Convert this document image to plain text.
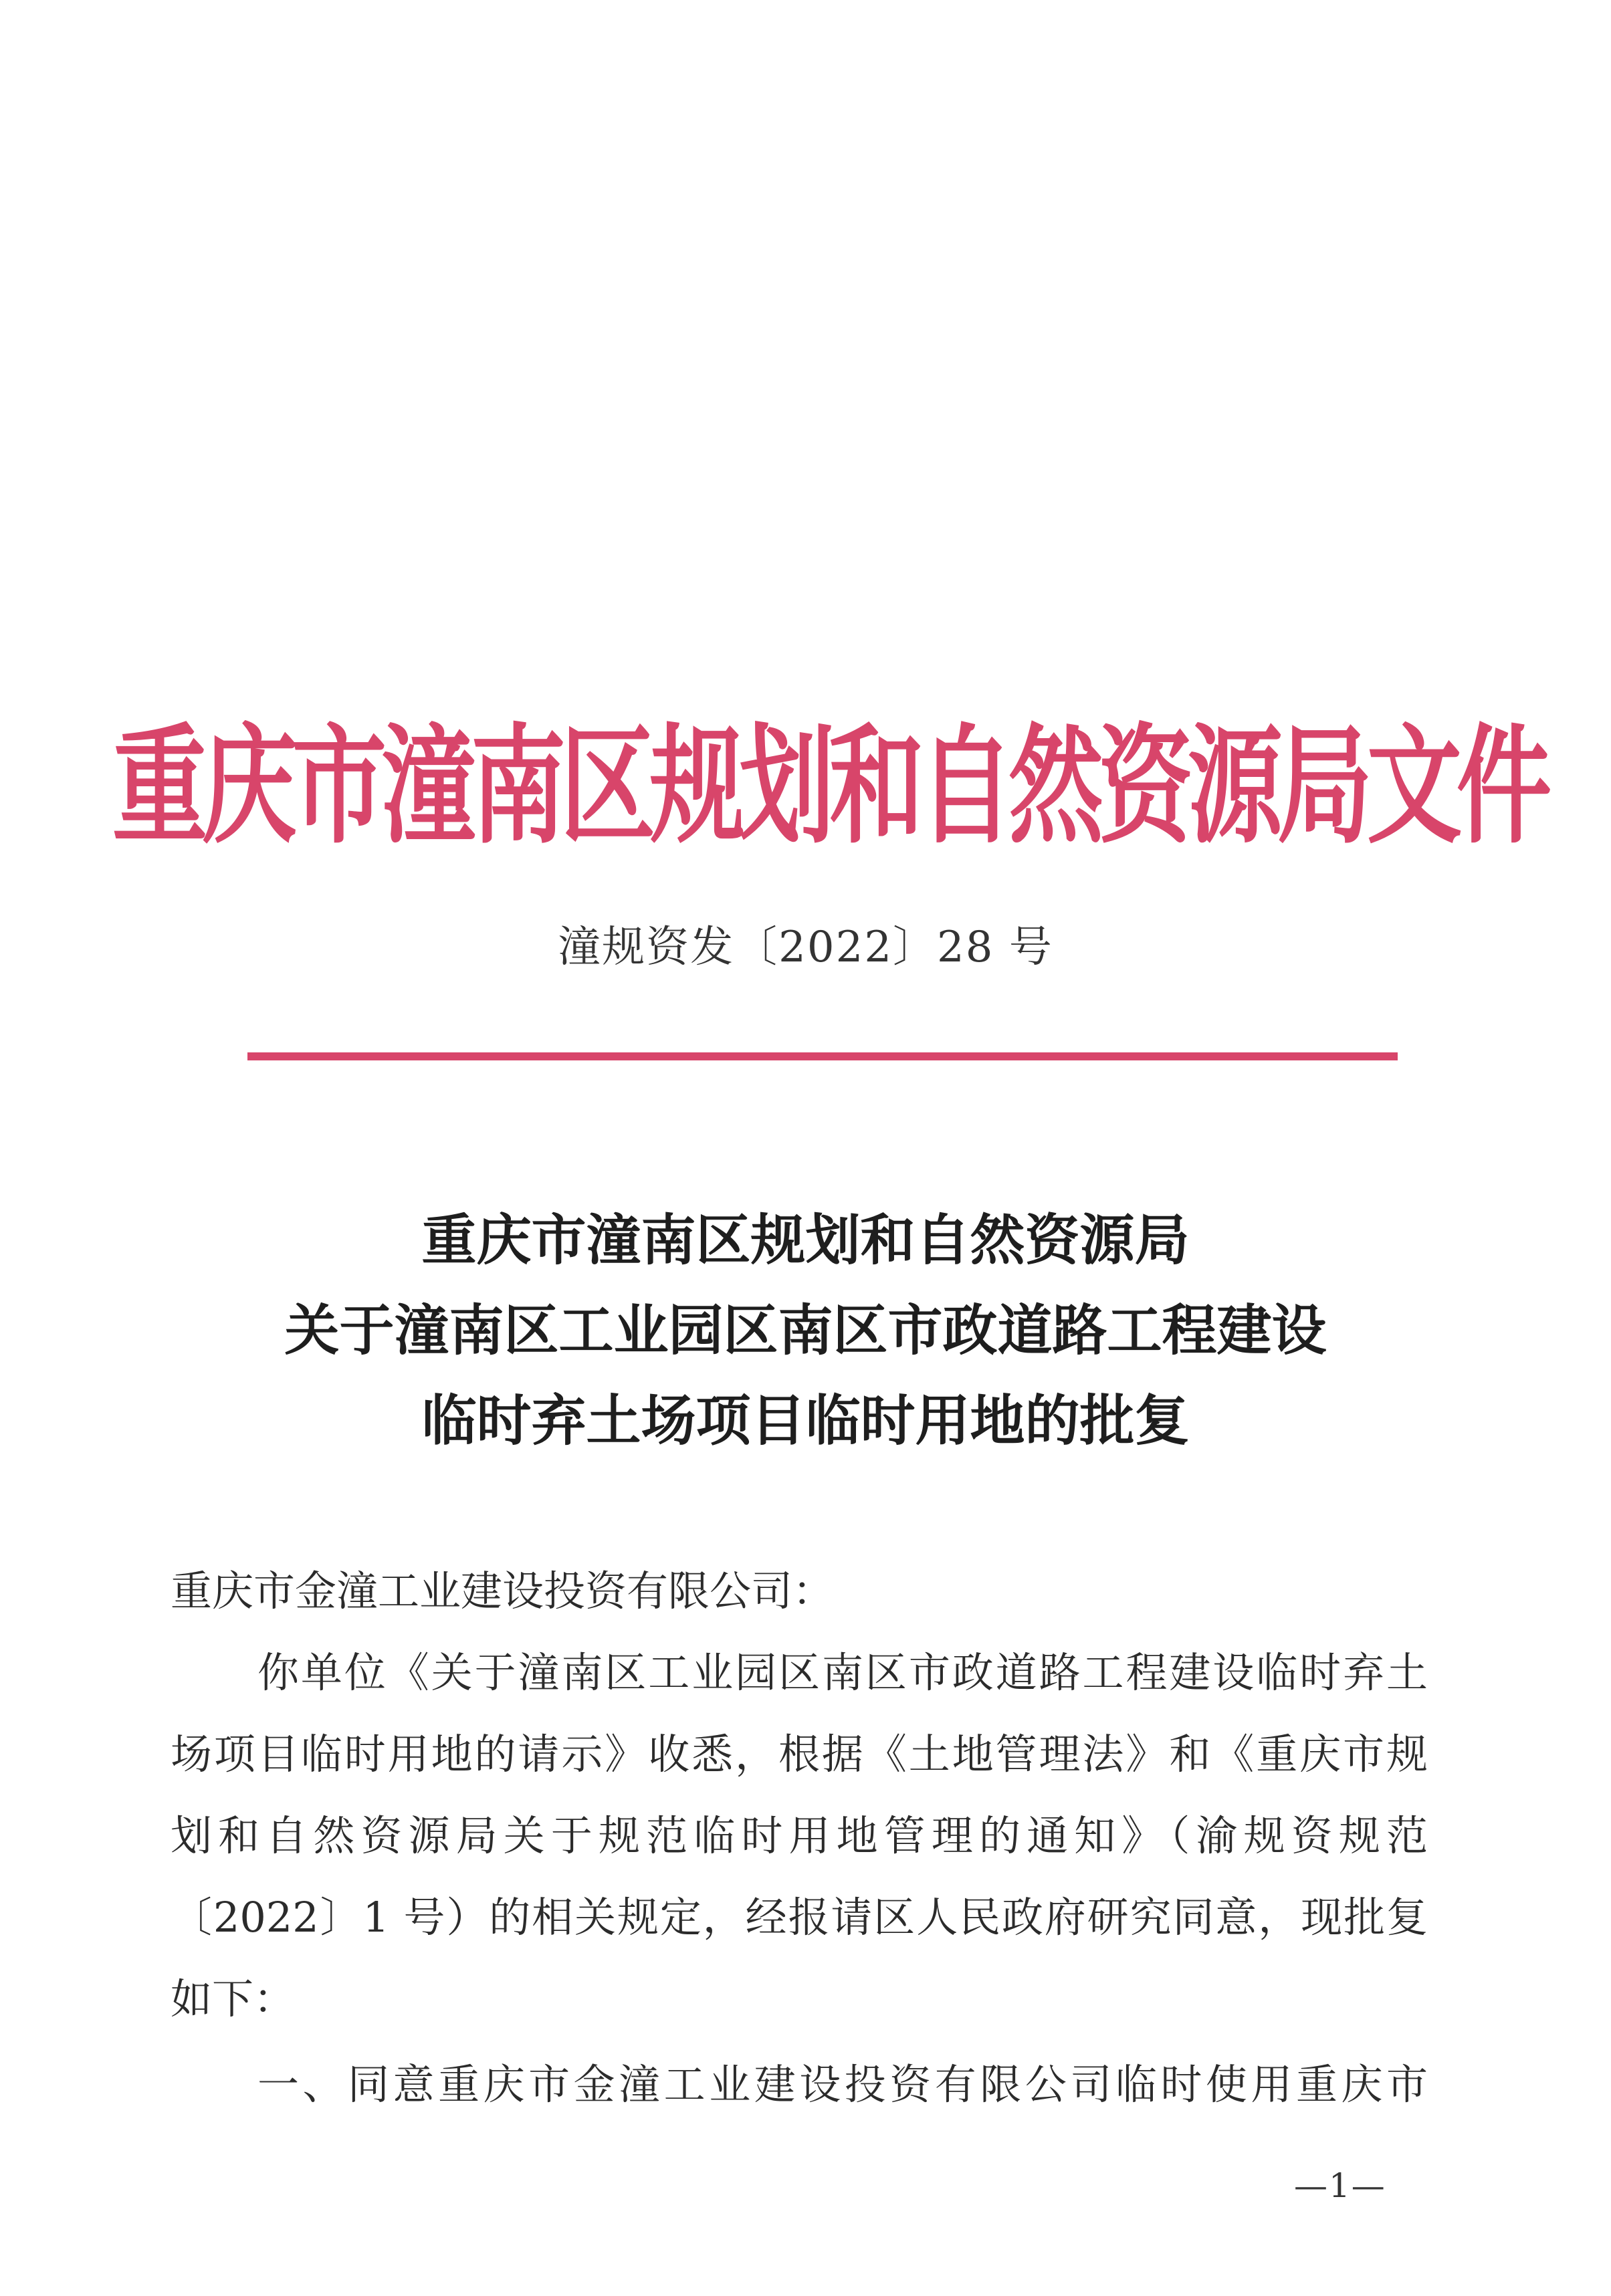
重庆市潼南区规划和自然资源局文件
潼规资发〔2022〕28 号
重庆市潼南区规划和自然资源局
关于潼南区工业园区南区市政道路工程建设
临时弃土场项目临时用地的批复
重庆市金潼工业建设投资有限公司：
你单位《关于潼南区工业园区南区市政道路工程建设临时弃土
场项目临时用地的请示》收悉，根据《土地管理法》和《重庆市规
划和自然资源局关于规范临时用地管理的通知》（渝规资规范
〔2022〕1 号）的相关规定，经报请区人民政府研究同意，现批复
如下：
一、同意重庆市金潼工业建设投资有限公司临时使用重庆市
—1—
